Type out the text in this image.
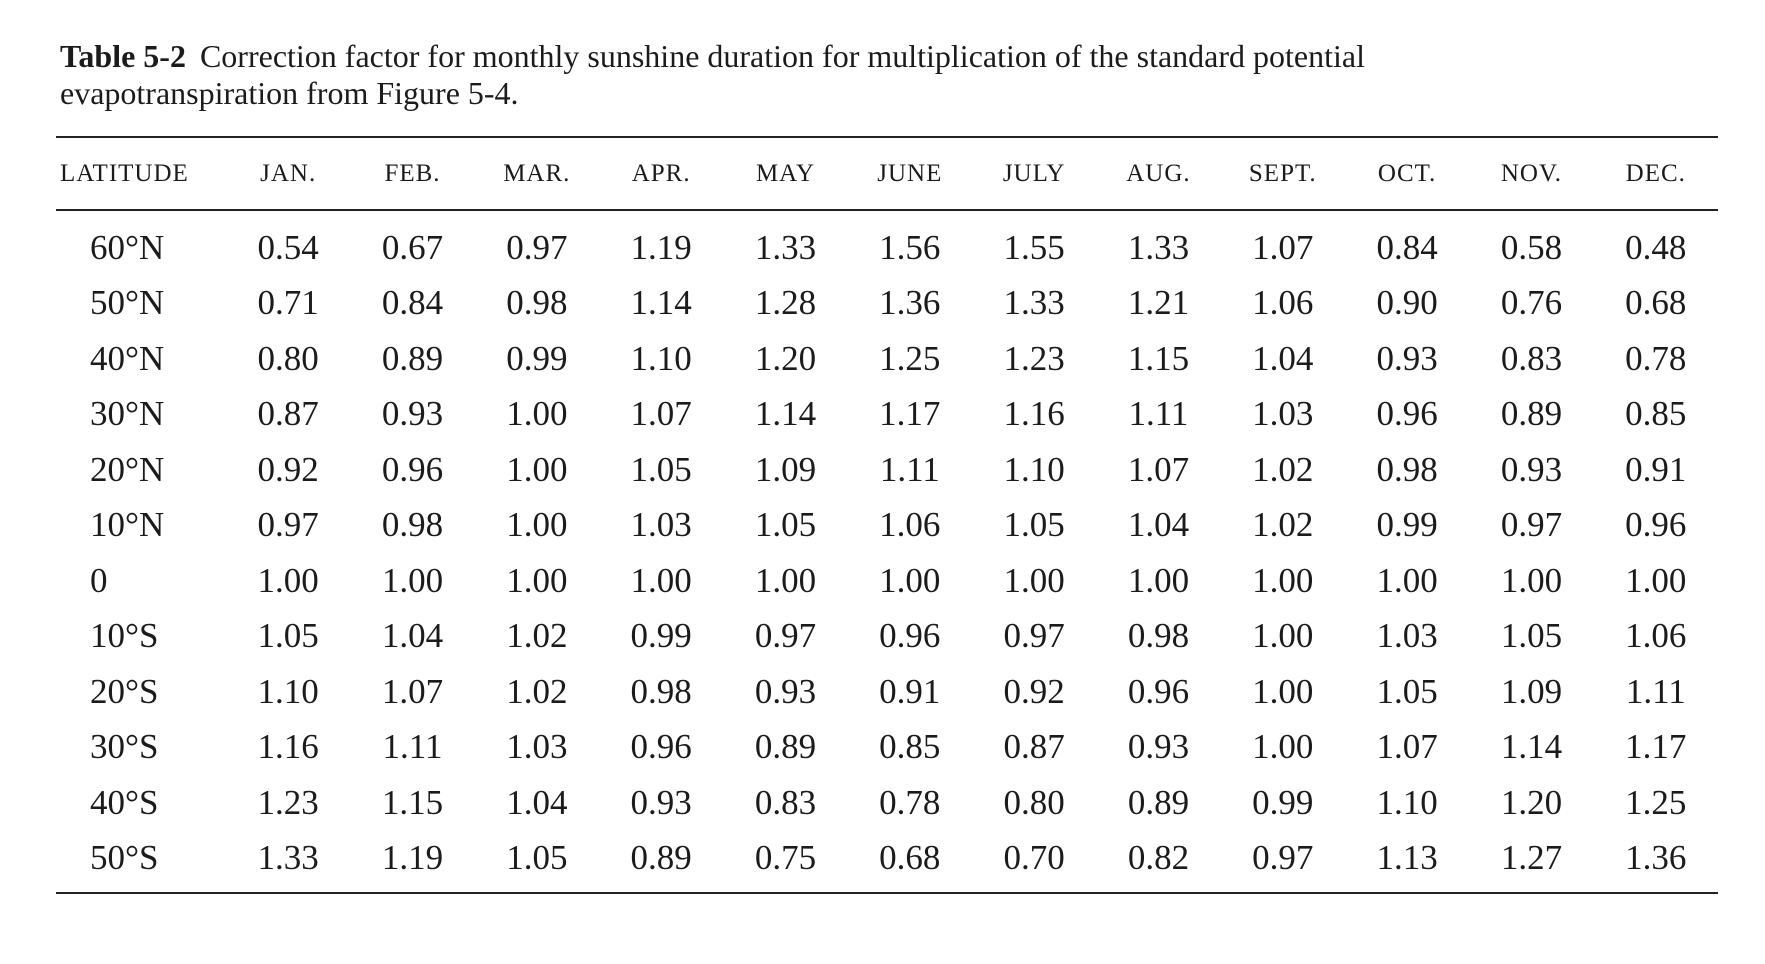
Table 5-2 Correction factor for monthly sunshine duration for multiplication of the standard potential evapotranspiration from Figure 5-4.
LATITUDE	JAN.	FEB.	MAR.	APR.	MAY	JUNE	JULY	AUG.	SEPT.	OCT.	NOV.	DEC.
60°N	0.54	0.67	0.97	1.19	1.33	1.56	1.55	1.33	1.07	0.84	0.58	0.48
50°N	0.71	0.84	0.98	1.14	1.28	1.36	1.33	1.21	1.06	0.90	0.76	0.68
40°N	0.80	0.89	0.99	1.10	1.20	1.25	1.23	1.15	1.04	0.93	0.83	0.78
30°N	0.87	0.93	1.00	1.07	1.14	1.17	1.16	1.11	1.03	0.96	0.89	0.85
20°N	0.92	0.96	1.00	1.05	1.09	1.11	1.10	1.07	1.02	0.98	0.93	0.91
10°N	0.97	0.98	1.00	1.03	1.05	1.06	1.05	1.04	1.02	0.99	0.97	0.96
0	1.00	1.00	1.00	1.00	1.00	1.00	1.00	1.00	1.00	1.00	1.00	1.00
10°S	1.05	1.04	1.02	0.99	0.97	0.96	0.97	0.98	1.00	1.03	1.05	1.06
20°S	1.10	1.07	1.02	0.98	0.93	0.91	0.92	0.96	1.00	1.05	1.09	1.11
30°S	1.16	1.11	1.03	0.96	0.89	0.85	0.87	0.93	1.00	1.07	1.14	1.17
40°S	1.23	1.15	1.04	0.93	0.83	0.78	0.80	0.89	0.99	1.10	1.20	1.25
50°S	1.33	1.19	1.05	0.89	0.75	0.68	0.70	0.82	0.97	1.13	1.27	1.36
